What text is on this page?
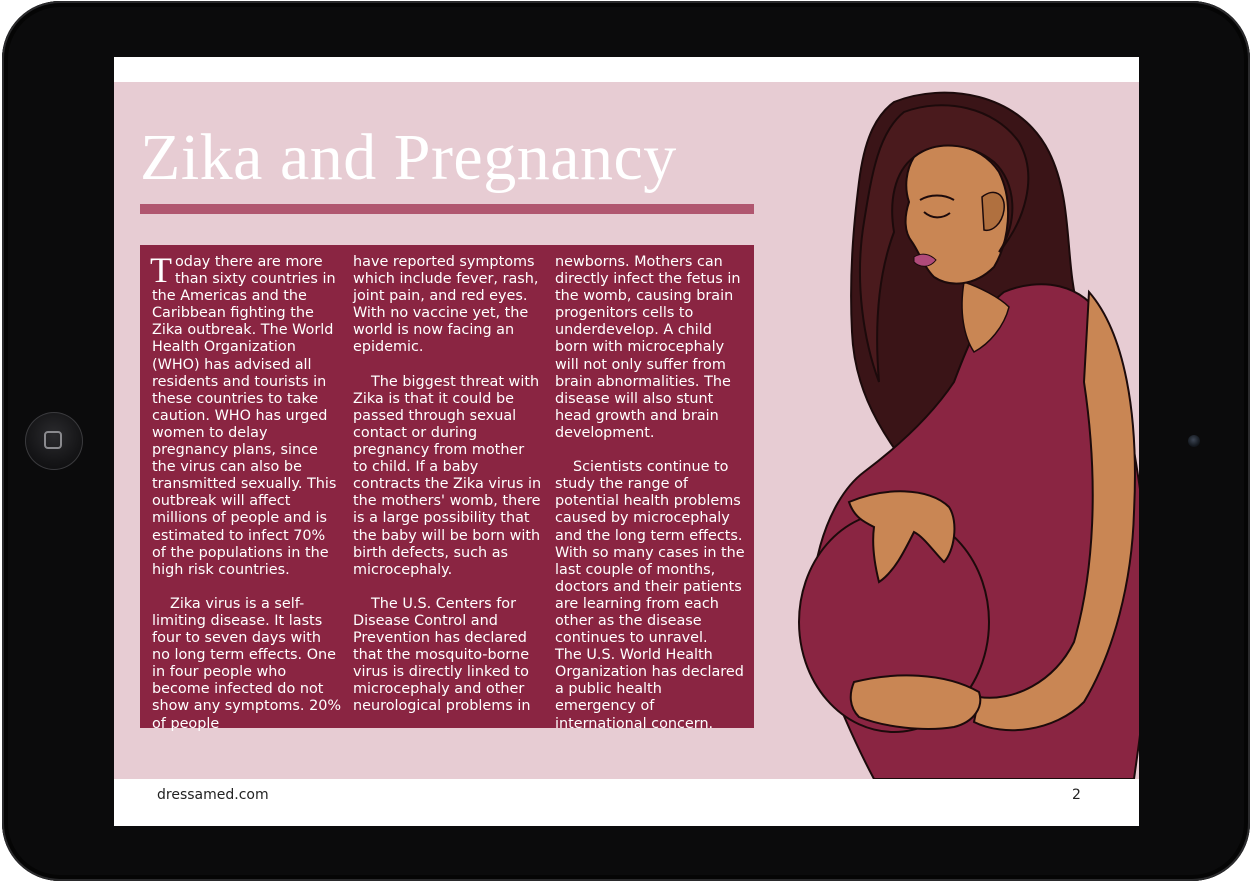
Zika and Pregnancy

Today there are more than sixty countries in the Americas and the Caribbean fighting the Zika outbreak. The World Health Organization (WHO) has advised all residents and tourists in these countries to take caution. WHO has urged women to delay pregnancy plans, since the virus can also be transmitted sexually. This outbreak will affect millions of people and is estimated to infect 70% of the populations in the high risk countries.

Zika virus is a self-limiting disease. It lasts four to seven days with no long term effects. One in four people who become infected do not show any symptoms. 20% of people

have reported symptoms which include fever, rash, joint pain, and red eyes. With no vaccine yet, the world is now facing an epidemic.

The biggest threat with Zika is that it could be passed through sexual contact or during pregnancy from mother to child. If a baby contracts the Zika virus in the mothers' womb, there is a large possibility that the baby will be born with birth defects, such as microcephaly.

The U.S. Centers for Disease Control and Prevention has declared that the mosquito-borne virus is directly linked to microcephaly and other neurological problems in

newborns. Mothers can directly infect the fetus in the womb, causing brain progenitors cells to underdevelop. A child born with microcephaly will not only suffer from brain abnormalities. The disease will also stunt head growth and brain development.

Scientists continue to study the range of potential health problems caused by microcephaly and the long term effects. With so many cases in the last couple of months, doctors and their patients are learning from each other as the disease continues to unravel.

The U.S. World Health Organization has declared a public health emergency of international concern.

dressamed.com	2
